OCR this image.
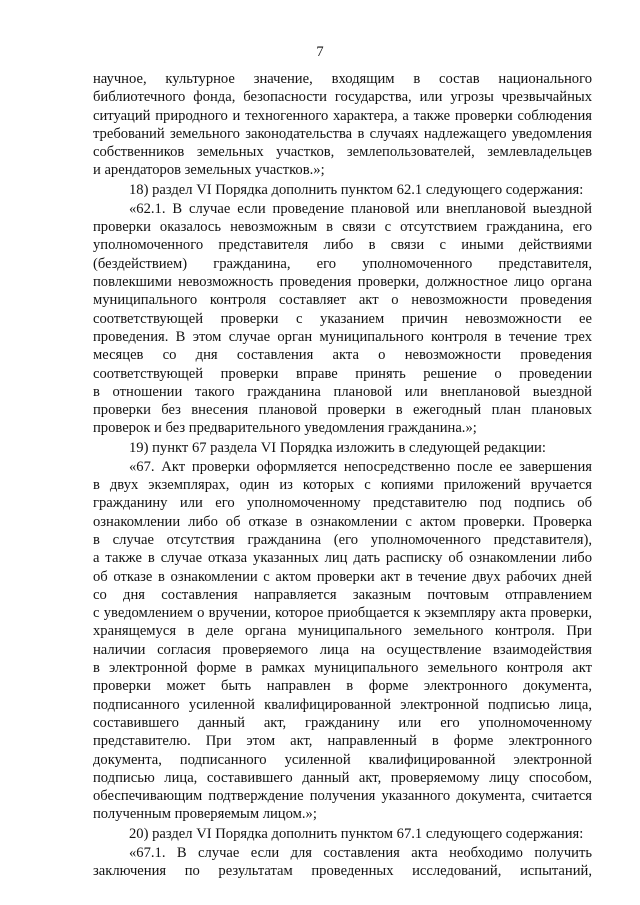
7
научное, культурное значение, входящим в состав национального
библиотечного фонда, безопасности государства, или угрозы чрезвычайных
ситуаций природного и техногенного характера, а также проверки соблюдения
требований земельного законодательства в случаях надлежащего уведомления
собственников земельных участков, землепользователей, землевладельцев
и арендаторов земельных участков.»;
18) раздел VI Порядка дополнить пунктом 62.1 следующего содержания:
«62.1. В случае если проведение плановой или внеплановой выездной
проверки оказалось невозможным в связи с отсутствием гражданина, его
уполномоченного представителя либо в связи с иными действиями
(бездействием) гражданина, его уполномоченного представителя,
повлекшими невозможность проведения проверки, должностное лицо органа
муниципального контроля составляет акт о невозможности проведения
соответствующей проверки с указанием причин невозможности ее
проведения. В этом случае орган муниципального контроля в течение трех
месяцев со дня составления акта о невозможности проведения
соответствующей проверки вправе принять решение о проведении
в отношении такого гражданина плановой или внеплановой выездной
проверки без внесения плановой проверки в ежегодный план плановых
проверок и без предварительного уведомления гражданина.»;
19) пункт 67 раздела VI Порядка изложить в следующей редакции:
«67. Акт проверки оформляется непосредственно после ее завершения
в двух экземплярах, один из которых с копиями приложений вручается
гражданину или его уполномоченному представителю под подпись об
ознакомлении либо об отказе в ознакомлении с актом проверки. Проверка
в случае отсутствия гражданина (его уполномоченного представителя),
а также в случае отказа указанных лиц дать расписку об ознакомлении либо
об отказе в ознакомлении с актом проверки акт в течение двух рабочих дней
со дня составления направляется заказным почтовым отправлением
с уведомлением о вручении, которое приобщается к экземпляру акта проверки,
хранящемуся в деле органа муниципального земельного контроля. При
наличии согласия проверяемого лица на осуществление взаимодействия
в электронной форме в рамках муниципального земельного контроля акт
проверки может быть направлен в форме электронного документа,
подписанного усиленной квалифицированной электронной подписью лица,
составившего данный акт, гражданину или его уполномоченному
представителю. При этом акт, направленный в форме электронного
документа, подписанного усиленной квалифицированной электронной
подписью лица, составившего данный акт, проверяемому лицу способом,
обеспечивающим подтверждение получения указанного документа, считается
полученным проверяемым лицом.»;
20) раздел VI Порядка дополнить пунктом 67.1 следующего содержания:
«67.1. В случае если для составления акта необходимо получить
заключения по результатам проведенных исследований, испытаний,
